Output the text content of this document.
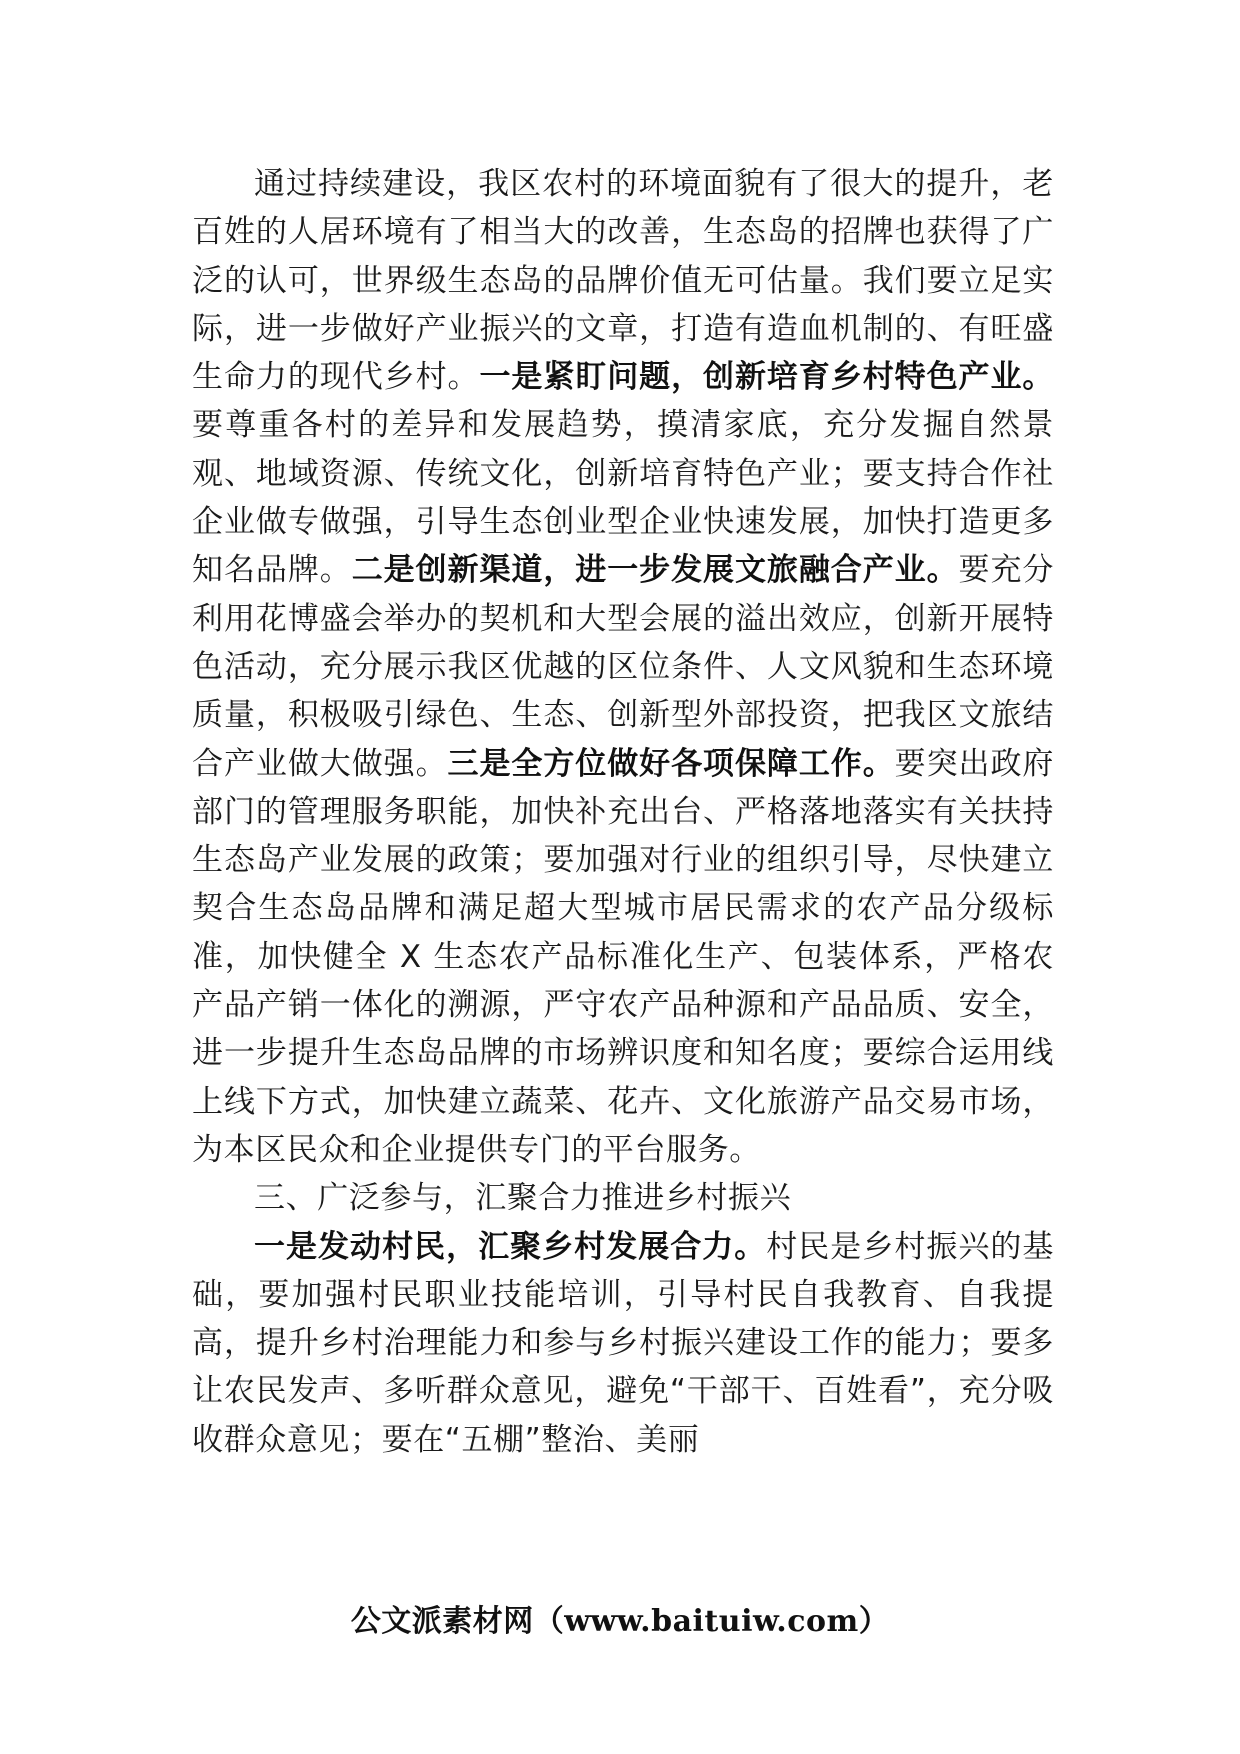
通过持续建设，我区农村的环境面貌有了很大的提升，老百姓的人居环境有了相当大的改善，生态岛的招牌也获得了广泛的认可，世界级生态岛的品牌价值无可估量。我们要立足实际，进一步做好产业振兴的文章，打造有造血机制的、有旺盛生命力的现代乡村。一是紧盯问题，创新培育乡村特色产业。要尊重各村的差异和发展趋势，摸清家底，充分发掘自然景观、地域资源、传统文化，创新培育特色产业；要支持合作社企业做专做强，引导生态创业型企业快速发展，加快打造更多知名品牌。二是创新渠道，进一步发展文旅融合产业。要充分利用花博盛会举办的契机和大型会展的溢出效应，创新开展特色活动，充分展示我区优越的区位条件、人文风貌和生态环境质量，积极吸引绿色、生态、创新型外部投资，把我区文旅结合产业做大做强。三是全方位做好各项保障工作。要突出政府部门的管理服务职能，加快补充出台、严格落地落实有关扶持生态岛产业发展的政策；要加强对行业的组织引导，尽快建立契合生态岛品牌和满足超大型城市居民需求的农产品分级标准，加快健全 X 生态农产品标准化生产、包装体系，严格农产品产销一体化的溯源，严守农产品种源和产品品质、安全，进一步提升生态岛品牌的市场辨识度和知名度；要综合运用线上线下方式，加快建立蔬菜、花卉、文化旅游产品交易市场，为本区民众和企业提供专门的平台服务。

三、广泛参与，汇聚合力推进乡村振兴

一是发动村民，汇聚乡村发展合力。村民是乡村振兴的基础，要加强村民职业技能培训，引导村民自我教育、自我提高，提升乡村治理能力和参与乡村振兴建设工作的能力；要多让农民发声、多听群众意见，避免“干部干、百姓看”，充分吸收群众意见；要在“五棚”整治、美丽

公文派素材网（www.baituiw.com）
